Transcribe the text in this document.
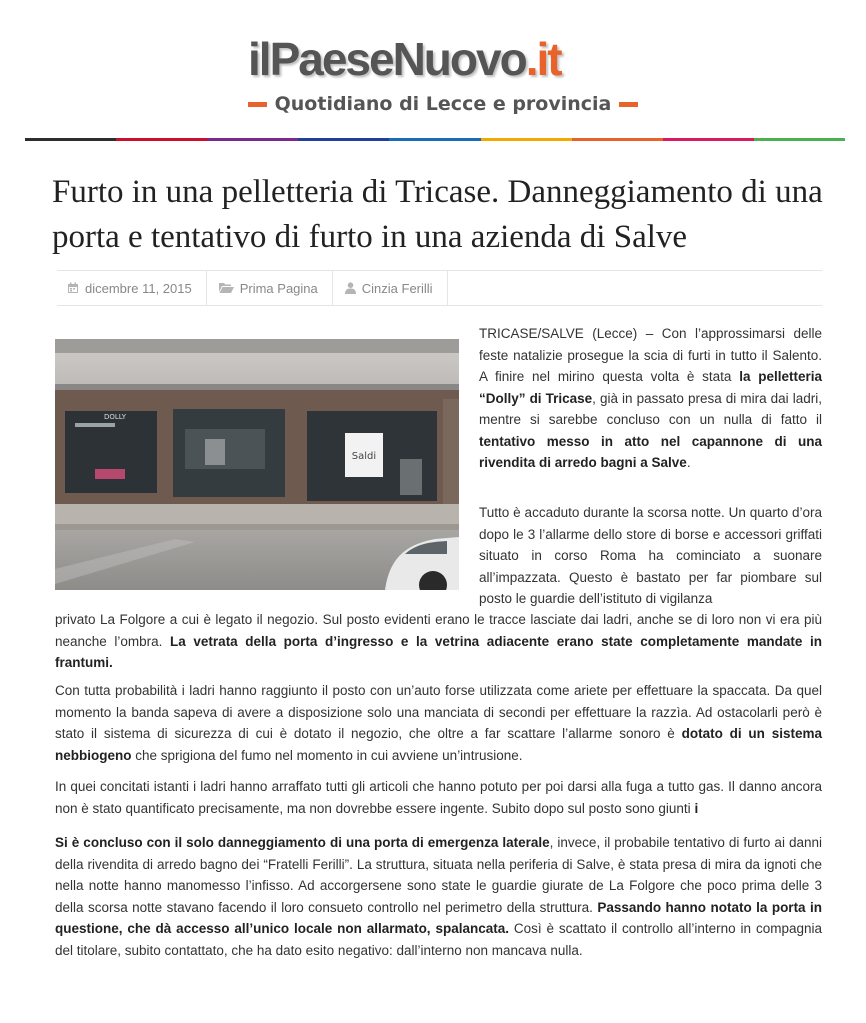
ilPaeseNuovo.it
Quotidiano di Lecce e provincia
Furto in una pelletteria di Tricase. Danneggiamento di una porta e tentativo di furto in una azienda di Salve
dicembre 11, 2015	Prima Pagina	Cinzia Ferilli
Saldi
DOLLY

TRICASE/SALVE (Lecce) – Con l’approssimarsi delle feste natalizie prosegue la scia di furti in tutto il Salento. A finire nel mirino questa volta è stata la pelletteria “Dolly” di Tricase, già in passato presa di mira dai ladri, mentre si sarebbe concluso con un nulla di fatto il tentativo messo in atto nel capannone di una rivendita di arredo bagni a Salve.

Tutto è accaduto durante la scorsa notte. Un quarto d’ora dopo le 3 l’allarme dello store di borse e accessori griffati situato in corso Roma ha cominciato a suonare all’impazzata. Questo è bastato per far piombare sul posto le guardie dell’istituto di vigilanza

privato La Folgore a cui è legato il negozio. Sul posto evidenti erano le tracce lasciate dai ladri, anche se di loro non vi era più neanche l’ombra. La vetrata della porta d’ingresso e la vetrina adiacente erano state completamente mandate in frantumi.

Con tutta probabilità i ladri hanno raggiunto il posto con un’auto forse utilizzata come ariete per effettuare la spaccata. Da quel momento la banda sapeva di avere a disposizione solo una manciata di secondi per effettuare la razzìa. Ad ostacolarli però è stato il sistema di sicurezza di cui è dotato il negozio, che oltre a far scattare l’allarme sonoro è dotato di un sistema nebbiogeno che sprigiona del fumo nel momento in cui avviene un’intrusione.

In quei concitati istanti i ladri hanno arraffato tutti gli articoli che hanno potuto per poi darsi alla fuga a tutto gas. Il danno ancora non è stato quantificato precisamente, ma non dovrebbe essere ingente. Subito dopo sul posto sono giunti i

Si è concluso con il solo danneggiamento di una porta di emergenza laterale, invece, il probabile tentativo di furto ai danni della rivendita di arredo bagno dei “Fratelli Ferilli”. La struttura, situata nella periferia di Salve, è stata presa di mira da ignoti che nella notte hanno manomesso l’infisso. Ad accorgersene sono state le guardie giurate de La Folgore che poco prima delle 3 della scorsa notte stavano facendo il loro consueto controllo nel perimetro della struttura. Passando hanno notato la porta in questione, che dà accesso all’unico locale non allarmato, spalancata. Così è scattato il controllo all’interno in compagnia del titolare, subito contattato, che ha dato esito negativo: dall’interno non mancava nulla.
